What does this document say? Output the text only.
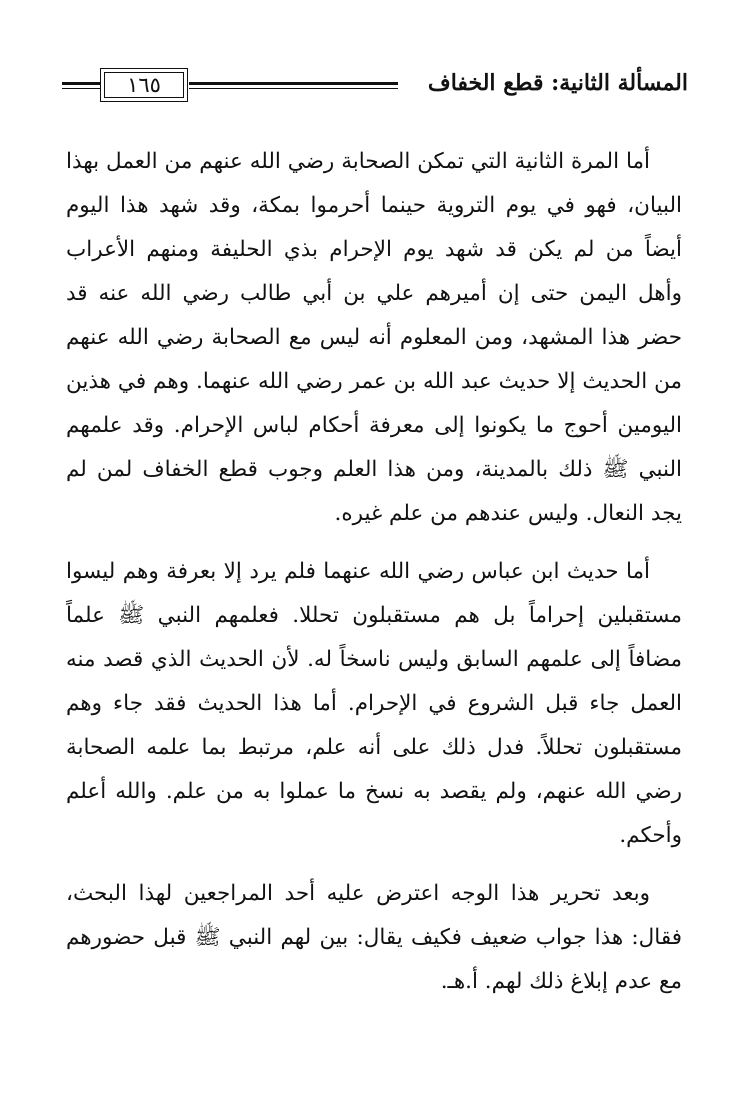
المسألة الثانية: قطع الخفاف
١٦٥

أما المرة الثانية التي تمكن الصحابة رضي الله عنهم من العمل بهذا البيان، فهو في يوم التروية حينما أحرموا بمكة، وقد شهد هذا اليوم أيضاً من لم يكن قد شهد يوم الإحرام بذي الحليفة ومنهم الأعراب وأهل اليمن حتى إن أميرهم علي بن أبي طالب رضي الله عنه قد حضر هذا المشهد، ومن المعلوم أنه ليس مع الصحابة رضي الله عنهم من الحديث إلا حديث عبد الله بن عمر رضي الله عنهما. وهم في هذين اليومين أحوج ما يكونوا إلى معرفة أحكام لباس الإحرام. وقد علمهم النبي ﷺ ذلك بالمدينة، ومن هذا العلم وجوب قطع الخفاف لمن لم يجد النعال. وليس عندهم من علم غيره.

أما حديث ابن عباس رضي الله عنهما فلم يرد إلا بعرفة وهم ليسوا مستقبلين إحراماً بل هم مستقبلون تحللا. فعلمهم النبي ﷺ علماً مضافاً إلى علمهم السابق وليس ناسخاً له. لأن الحديث الذي قصد منه العمل جاء قبل الشروع في الإحرام. أما هذا الحديث فقد جاء وهم مستقبلون تحللاً. فدل ذلك على أنه علم، مرتبط بما علمه الصحابة رضي الله عنهم، ولم يقصد به نسخ ما عملوا به من علم. والله أعلم وأحكم.

وبعد تحرير هذا الوجه اعترض عليه أحد المراجعين لهذا البحث، فقال: هذا جواب ضعيف فكيف يقال: بين لهم النبي ﷺ قبل حضورهم مع عدم إبلاغ ذلك لهم. أ.هـ.
